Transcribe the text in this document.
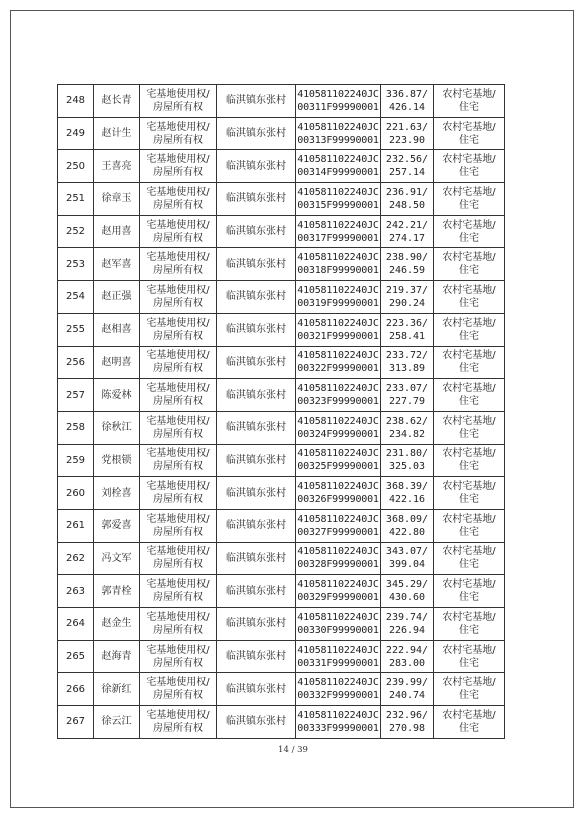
248	赵长青	宅基地使用权/
房屋所有权	临淇镇东张村	410581102240JC
00311F99990001	336.87/
426.14	农村宅基地/
住宅

249	赵计生	宅基地使用权/
房屋所有权	临淇镇东张村	410581102240JC
00313F99990001	221.63/
223.90	农村宅基地/
住宅

250	王喜亮	宅基地使用权/
房屋所有权	临淇镇东张村	410581102240JC
00314F99990001	232.56/
257.14	农村宅基地/
住宅

251	徐章玉	宅基地使用权/
房屋所有权	临淇镇东张村	410581102240JC
00315F99990001	236.91/
248.50	农村宅基地/
住宅

252	赵用喜	宅基地使用权/
房屋所有权	临淇镇东张村	410581102240JC
00317F99990001	242.21/
274.17	农村宅基地/
住宅

253	赵军喜	宅基地使用权/
房屋所有权	临淇镇东张村	410581102240JC
00318F99990001	238.90/
246.59	农村宅基地/
住宅

254	赵正强	宅基地使用权/
房屋所有权	临淇镇东张村	410581102240JC
00319F99990001	219.37/
290.24	农村宅基地/
住宅

255	赵相喜	宅基地使用权/
房屋所有权	临淇镇东张村	410581102240JC
00321F99990001	223.36/
258.41	农村宅基地/
住宅

256	赵明喜	宅基地使用权/
房屋所有权	临淇镇东张村	410581102240JC
00322F99990001	233.72/
313.89	农村宅基地/
住宅

257	陈爱林	宅基地使用权/
房屋所有权	临淇镇东张村	410581102240JC
00323F99990001	233.07/
227.79	农村宅基地/
住宅

258	徐秋江	宅基地使用权/
房屋所有权	临淇镇东张村	410581102240JC
00324F99990001	238.62/
234.82	农村宅基地/
住宅

259	党根锁	宅基地使用权/
房屋所有权	临淇镇东张村	410581102240JC
00325F99990001	231.80/
325.03	农村宅基地/
住宅

260	刘栓喜	宅基地使用权/
房屋所有权	临淇镇东张村	410581102240JC
00326F99990001	368.39/
422.16	农村宅基地/
住宅

261	郭爱喜	宅基地使用权/
房屋所有权	临淇镇东张村	410581102240JC
00327F99990001	368.09/
422.80	农村宅基地/
住宅

262	冯文军	宅基地使用权/
房屋所有权	临淇镇东张村	410581102240JC
00328F99990001	343.07/
399.04	农村宅基地/
住宅

263	郭青栓	宅基地使用权/
房屋所有权	临淇镇东张村	410581102240JC
00329F99990001	345.29/
430.60	农村宅基地/
住宅

264	赵金生	宅基地使用权/
房屋所有权	临淇镇东张村	410581102240JC
00330F99990001	239.74/
226.94	农村宅基地/
住宅

265	赵海青	宅基地使用权/
房屋所有权	临淇镇东张村	410581102240JC
00331F99990001	222.94/
283.00	农村宅基地/
住宅

266	徐新红	宅基地使用权/
房屋所有权	临淇镇东张村	410581102240JC
00332F99990001	239.99/
240.74	农村宅基地/
住宅

267	徐云江	宅基地使用权/
房屋所有权	临淇镇东张村	410581102240JC
00333F99990001	232.96/
270.98	农村宅基地/
住宅
14 / 39
